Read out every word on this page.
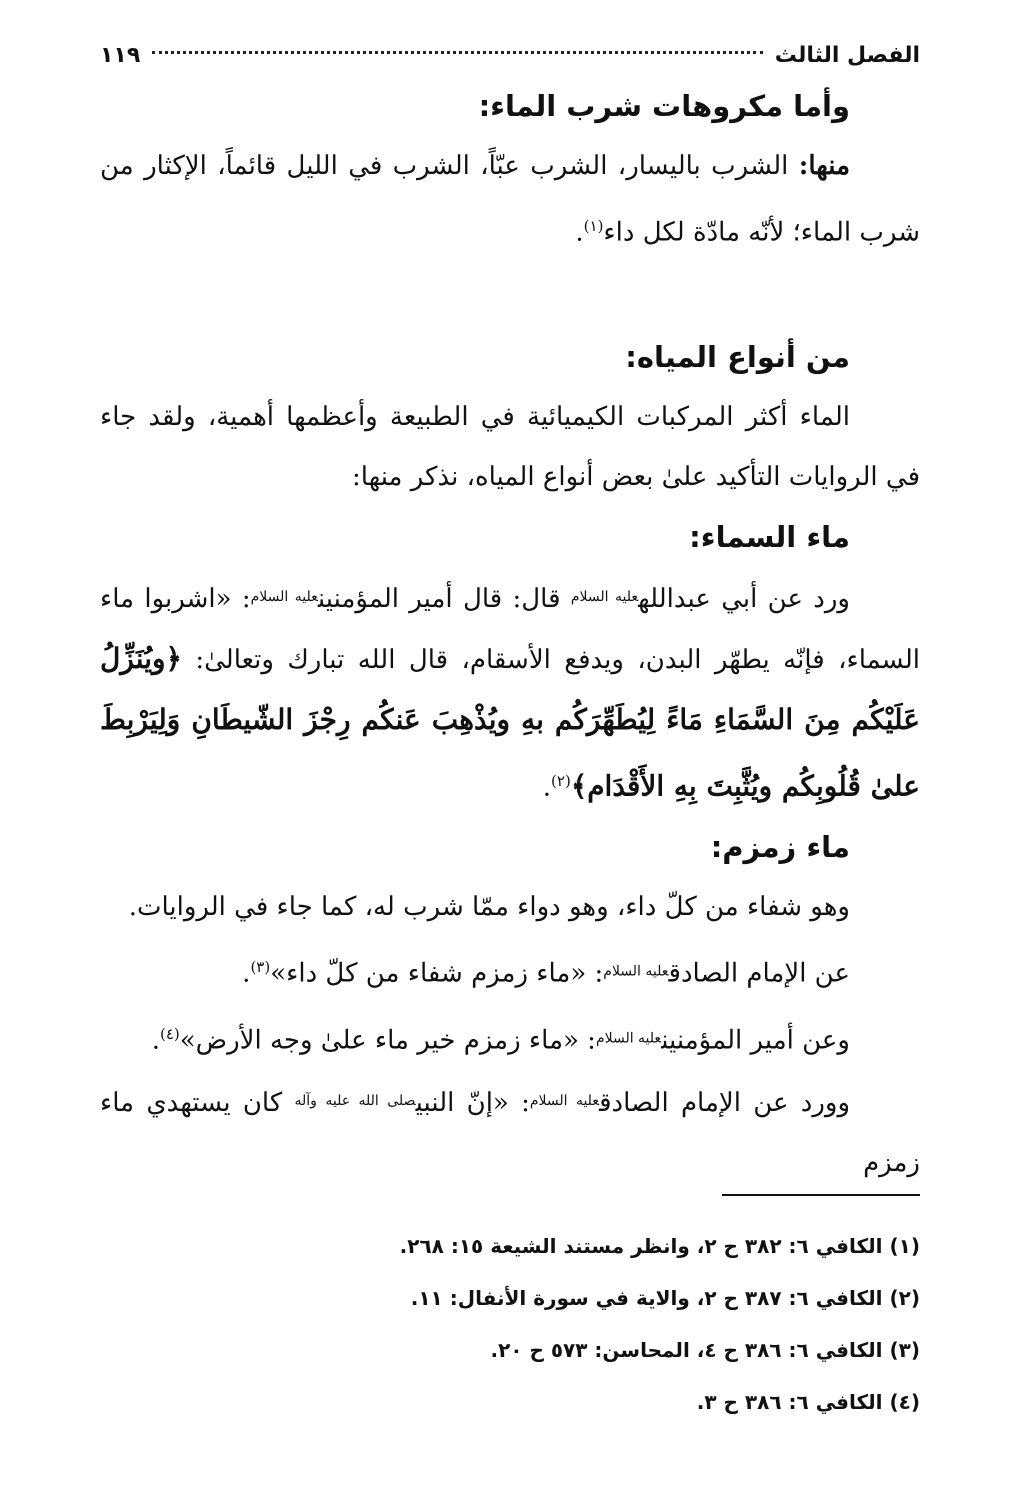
الفصل الثالث
١١٩
وأما مكروهات شرب الماء:

منها: الشرب باليسار، الشرب عبّاً، الشرب في الليل قائماً، الإكثار من شرب الماء؛ لأنّه مادّة لكل داء$^{(١)}$.

من أنواع المياه:

الماء أكثر المركبات الكيميائية في الطبيعة وأعظمها أهمية، ولقد جاء في الروايات التأكيد علىٰ بعض أنواع المياه، نذكر منها:

ماء السماء:

ورد عن أبي عبدالله$^{عليه السلام}$ قال: قال أمير المؤمنين$^{عليه السلام}$: «اشربوا ماء السماء، فإنّه يطهّر البدن، ويدفع الأسقام، قال الله تبارك وتعالىٰ: ﴿ويُنَزِّلُ عَلَيْكُم مِنَ السَّمَاءِ مَاءً لِيُطَهِّرَكُم بهِ ويُذْهِبَ عَنكُم رِجْزَ الشّيطَانِ وَلِيَرْبِطَ علىٰ قُلُوبِكُم ويُثَّبِتَ بِهِ الأَقْدَام﴾$^{(٢)}$.

ماء زمزم:

وهو شفاء من كلّ داء، وهو دواء ممّا شرب له، كما جاء في الروايات.

عن الإمام الصادق$^{عليه السلام}$: «ماء زمزم شفاء من كلّ داء»$^{(٣)}$.

وعن أمير المؤمنين$^{عليه السلام}$: «ماء زمزم خير ماء علىٰ وجه الأرض»$^{(٤)}$.

وورد عن الإمام الصادق$^{عليه السلام}$: «إنّ النبي$^{صلى الله عليه وآله}$ كان يستهدي ماء زمزم

(١) الكافي ٦: ٣٨٢ ح ٢، وانظر مستند الشيعة ١٥: ٢٦٨.
(٢) الكافي ٦: ٣٨٧ ح ٢، والاية في سورة الأنفال: ١١.
(٣) الكافي ٦: ٣٨٦ ح ٤، المحاسن: ٥٧٣ ح ٢٠.
(٤) الكافي ٦: ٣٨٦ ح ٣.
